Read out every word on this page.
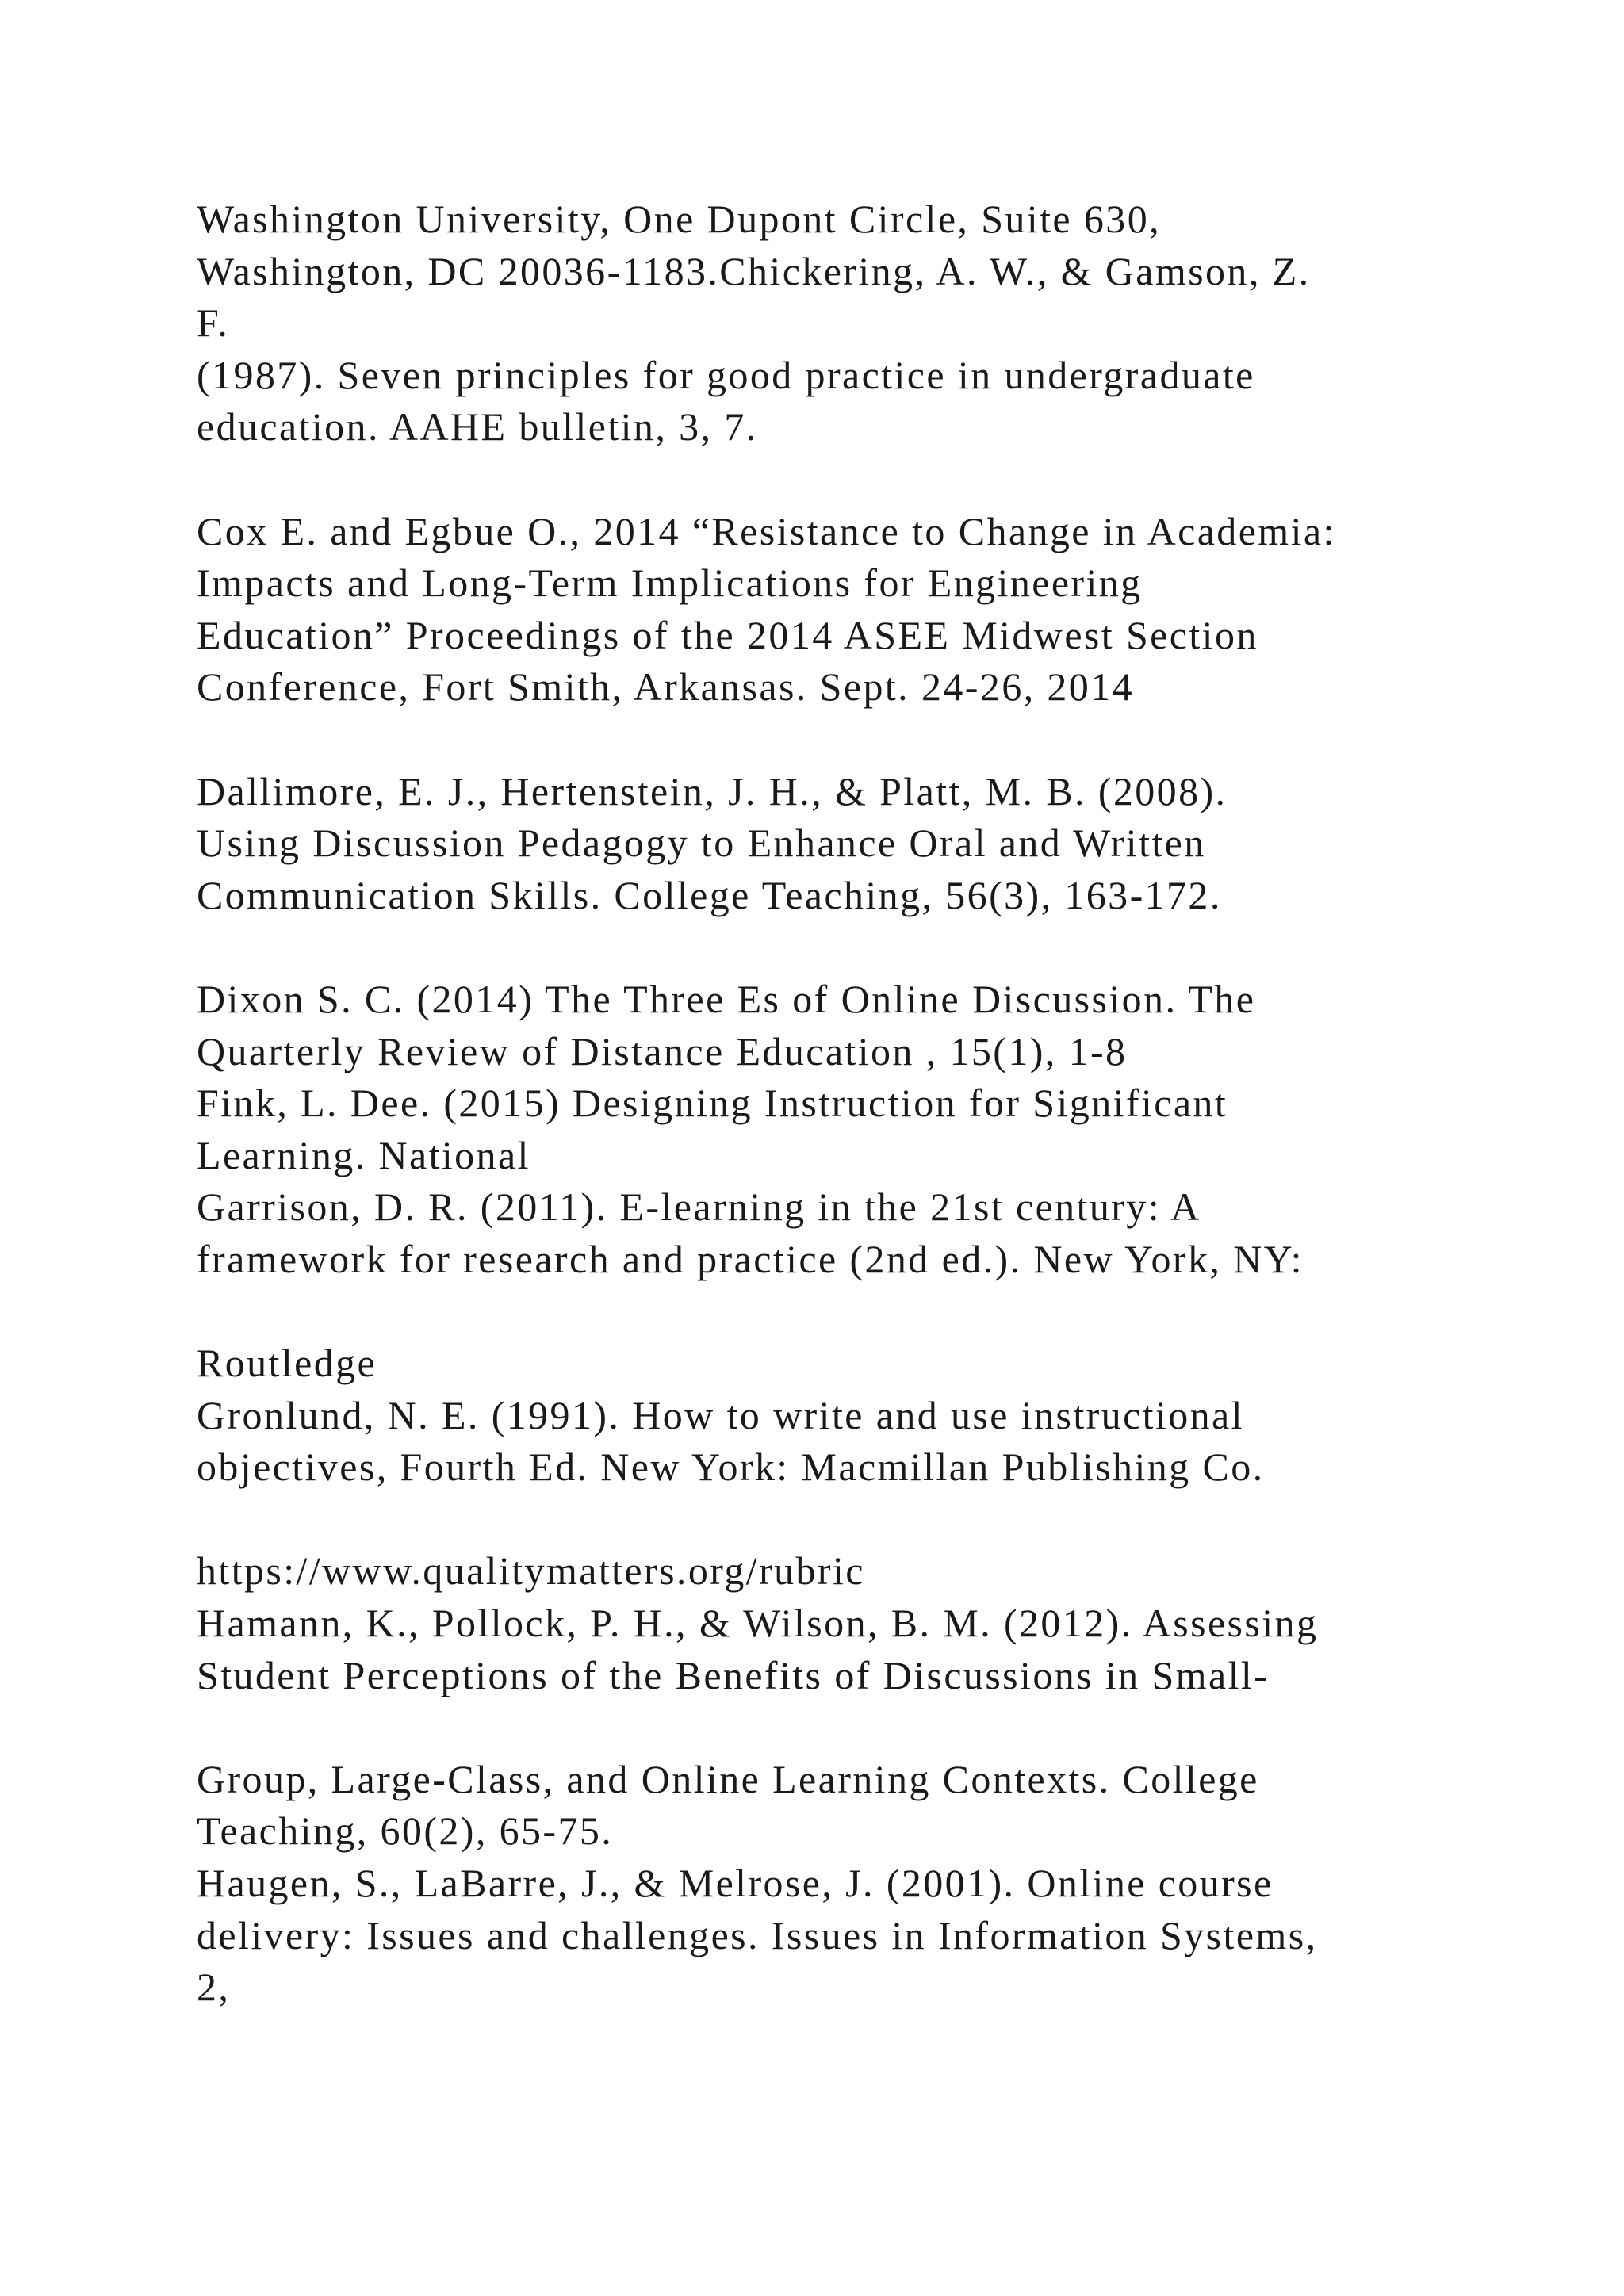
Washington University, One Dupont Circle, Suite 630,
Washington, DC 20036-1183.Chickering, A. W., & Gamson, Z.
F.
(1987). Seven principles for good practice in undergraduate
education. AAHE bulletin, 3, 7.
Cox E. and Egbue O., 2014 “Resistance to Change in Academia:
Impacts and Long-Term Implications for Engineering
Education” Proceedings of the 2014 ASEE Midwest Section
Conference, Fort Smith, Arkansas. Sept. 24-26, 2014
Dallimore, E. J., Hertenstein, J. H., & Platt, M. B. (2008).
Using Discussion Pedagogy to Enhance Oral and Written
Communication Skills. College Teaching, 56(3), 163-172.
Dixon S. C. (2014) The Three Es of Online Discussion. The
Quarterly Review of Distance Education , 15(1), 1-8
Fink, L. Dee. (2015) Designing Instruction for Significant
Learning. National
Garrison, D. R. (2011). E-learning in the 21st century: A
framework for research and practice (2nd ed.). New York, NY:
Routledge
Gronlund, N. E. (1991). How to write and use instructional
objectives, Fourth Ed. New York: Macmillan Publishing Co.
https://www.qualitymatters.org/rubric
Hamann, K., Pollock, P. H., & Wilson, B. M. (2012). Assessing
Student Perceptions of the Benefits of Discussions in Small-
Group, Large-Class, and Online Learning Contexts. College
Teaching, 60(2), 65-75.
Haugen, S., LaBarre, J., & Melrose, J. (2001). Online course
delivery: Issues and challenges. Issues in Information Systems,
2,
